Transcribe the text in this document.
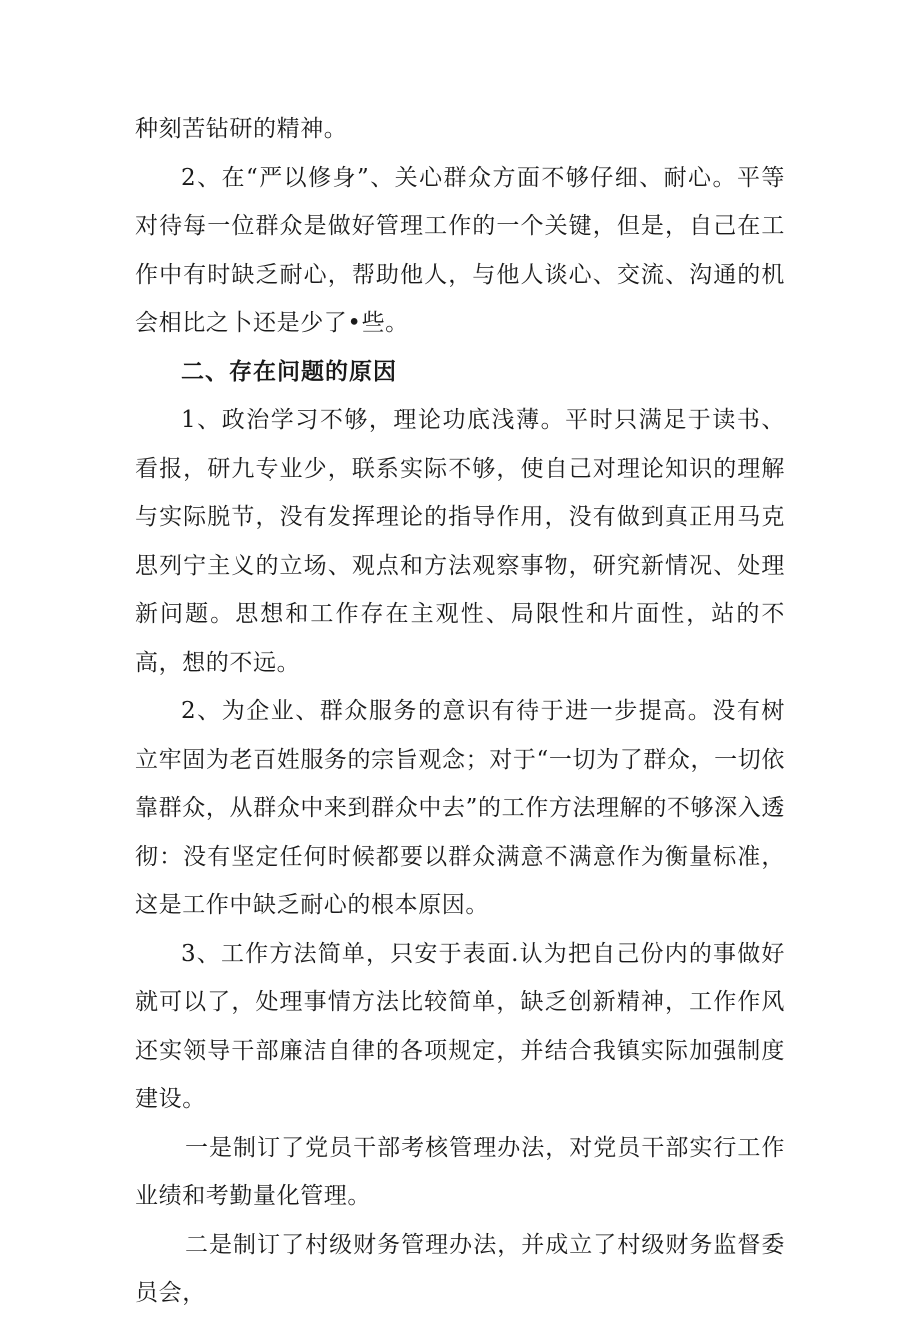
种刻苦钻研的精神。

2、在“严以修身”、关心群众方面不够仔细、耐心。平等对待每一位群众是做好管理工作的一个关键，但是，自己在工作中有时缺乏耐心，帮助他人，与他人谈心、交流、沟通的机会相比之卜还是少了•些。

二、存在问题的原因

1、政治学习不够，理论功底浅薄。平时只满足于读书、看报，研九专业少，联系实际不够，使自己对理论知识的理解与实际脱节，没有发挥理论的指导作用，没有做到真正用马克思列宁主义的立场、观点和方法观察事物，研究新情况、处理新问题。思想和工作存在主观性、局限性和片面性，站的不高，想的不远。

2、为企业、群众服务的意识有待于进一步提高。没有树立牢固为老百姓服务的宗旨观念；对于“一切为了群众，一切依靠群众，从群众中来到群众中去”的工作方法理解的不够深入透彻：没有坚定任何时候都要以群众满意不满意作为衡量标准，这是工作中缺乏耐心的根本原因。

3、工作方法简单，只安于表面.认为把自己份内的事做好就可以了，处理事情方法比较简单，缺乏创新精神，工作作风还实领导干部廉洁自律的各项规定，并结合我镇实际加强制度建设。

一是制订了党员干部考核管理办法，对党员干部实行工作业绩和考勤量化管理。

二是制订了村级财务管理办法，并成立了村级财务监督委员会，
